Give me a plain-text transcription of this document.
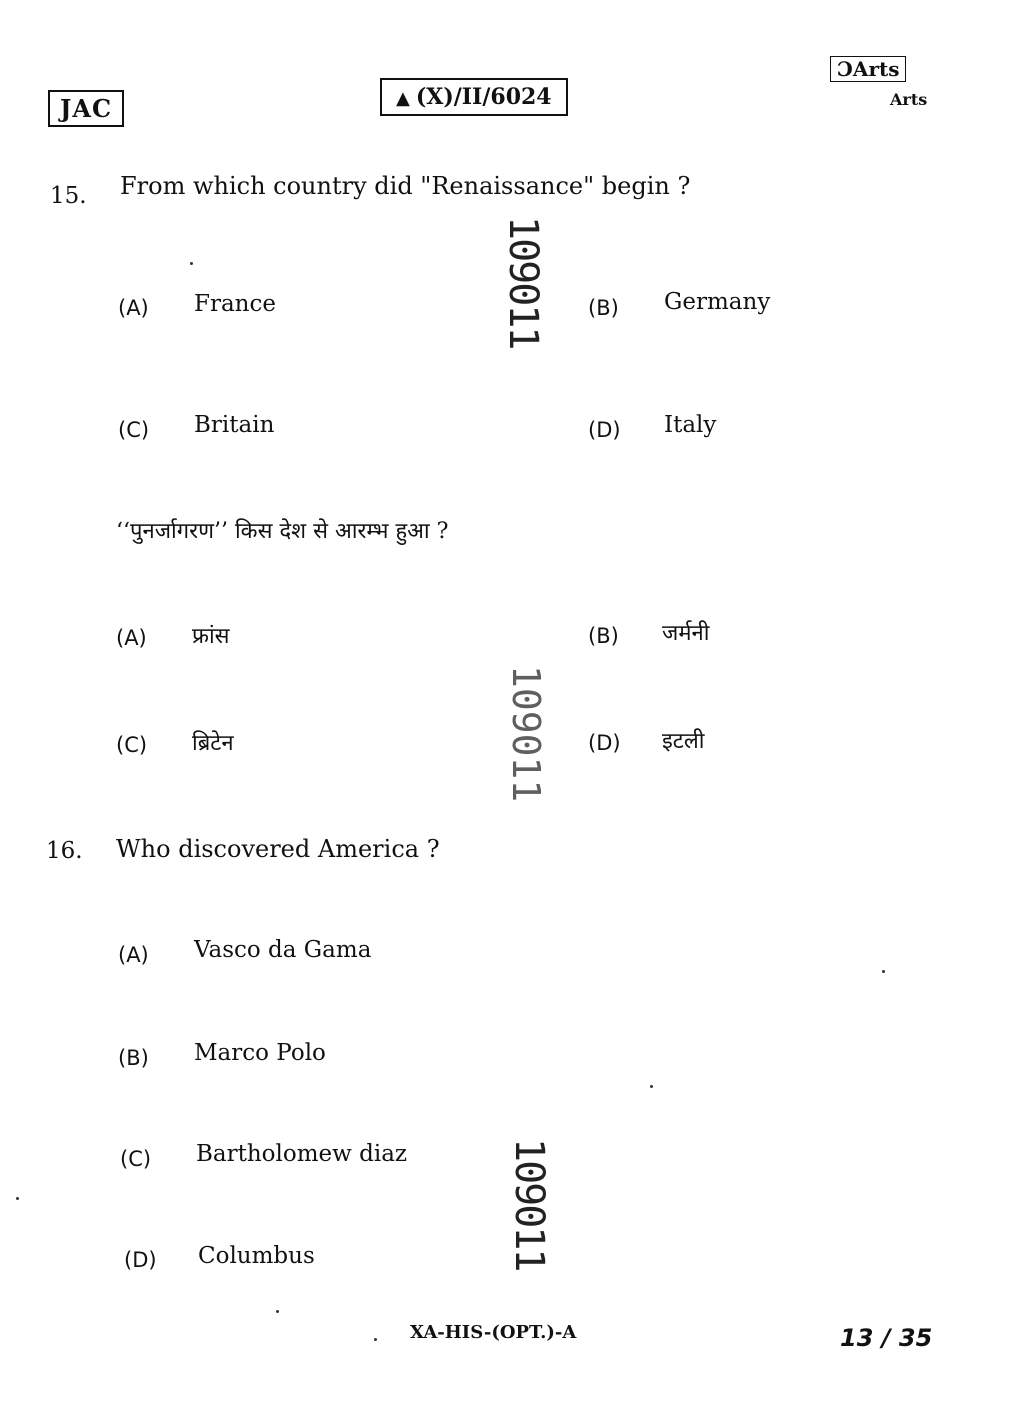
JAC	▲ (X)/II/6024
ƆArts
Arts
15. From which country did "Renaissance" begin ?
(A) France	(B) Germany
(C) Britain	(D) Italy
‘‘पुनर्जागरण’’ किस देश से आरम्भ हुआ ?
(A) फ्रांस	(B) जर्मनी
(C) ब्रिटेन	(D) इटली
16. Who discovered America ?
(A) Vasco da Gama
(B) Marco Polo
(C) Bartholomew diaz
(D) Columbus
109011
109011
109011
XA-HIS-(OPT.)-A	13 / 35
